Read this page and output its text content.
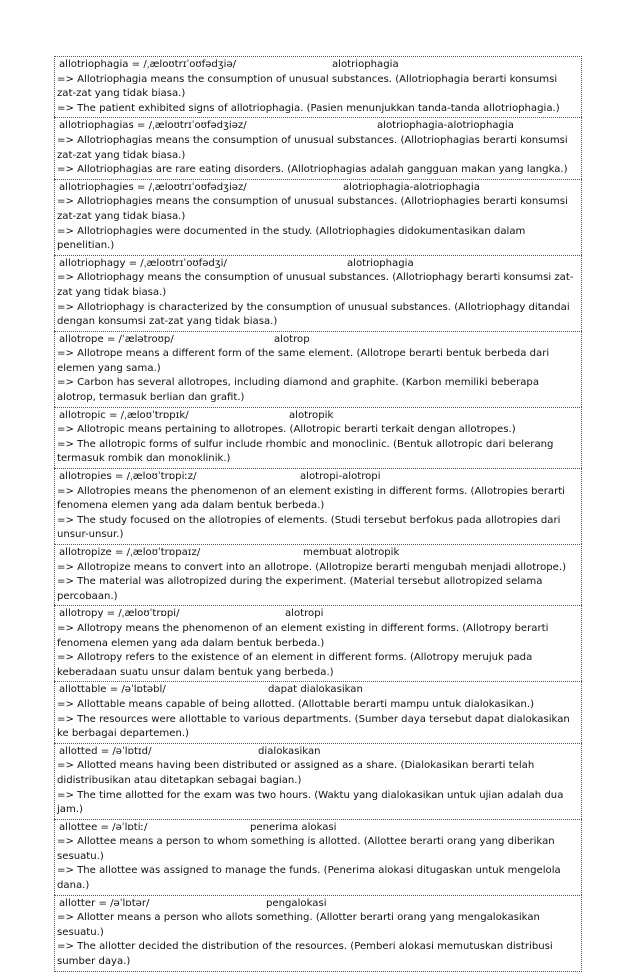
allotriophagia = /ˌæloʊtrɪˈoʊfədʒiə/	alotriophagia
=> Allotriophagia means the consumption of unusual substances. (Allotriophagia berarti konsumsi zat-zat yang tidak biasa.)
=> The patient exhibited signs of allotriophagia. (Pasien menunjukkan tanda-tanda allotriophagia.)
allotriophagias = /ˌæloʊtrɪˈoʊfədʒiəz/	alotriophagia-alotriophagia
=> Allotriophagias means the consumption of unusual substances. (Allotriophagias berarti konsumsi zat-zat yang tidak biasa.)
=> Allotriophagias are rare eating disorders. (Allotriophagias adalah gangguan makan yang langka.)
allotriophagies = /ˌæloʊtrɪˈoʊfədʒiəz/	alotriophagia-alotriophagia
=> Allotriophagies means the consumption of unusual substances. (Allotriophagies berarti konsumsi zat-zat yang tidak biasa.)
=> Allotriophagies were documented in the study. (Allotriophagies didokumentasikan dalam penelitian.)
allotriophagy = /ˌæloʊtrɪˈoʊfədʒi/	alotriophagia
=> Allotriophagy means the consumption of unusual substances. (Allotriophagy berarti konsumsi zat-zat yang tidak biasa.)
=> Allotriophagy is characterized by the consumption of unusual substances. (Allotriophagy ditandai dengan konsumsi zat-zat yang tidak biasa.)
allotrope = /ˈælətroʊp/	alotrop
=> Allotrope means a different form of the same element. (Allotrope berarti bentuk berbeda dari elemen yang sama.)
=> Carbon has several allotropes, including diamond and graphite. (Karbon memiliki beberapa alotrop, termasuk berlian dan grafit.)
allotropic = /ˌæloʊˈtrɒpɪk/	alotropik
=> Allotropic means pertaining to allotropes. (Allotropic berarti terkait dengan allotropes.)
=> The allotropic forms of sulfur include rhombic and monoclinic. (Bentuk allotropic dari belerang termasuk rombik dan monoklinik.)
allotropies = /ˌæloʊˈtrɒpiːz/	alotropi-alotropi
=> Allotropies means the phenomenon of an element existing in different forms. (Allotropies berarti fenomena elemen yang ada dalam bentuk berbeda.)
=> The study focused on the allotropies of elements. (Studi tersebut berfokus pada allotropies dari unsur-unsur.)
allotropize = /ˌæloʊˈtrɒpaɪz/	membuat alotropik
=> Allotropize means to convert into an allotrope. (Allotropize berarti mengubah menjadi allotrope.)
=> The material was allotropized during the experiment. (Material tersebut allotropized selama percobaan.)
allotropy = /ˌæloʊˈtrɒpi/	alotropi
=> Allotropy means the phenomenon of an element existing in different forms. (Allotropy berarti fenomena elemen yang ada dalam bentuk berbeda.)
=> Allotropy refers to the existence of an element in different forms. (Allotropy merujuk pada keberadaan suatu unsur dalam bentuk yang berbeda.)
allottable = /əˈlɒtəbl/	dapat dialokasikan
=> Allottable means capable of being allotted. (Allottable berarti mampu untuk dialokasikan.)
=> The resources were allottable to various departments. (Sumber daya tersebut dapat dialokasikan ke berbagai departemen.)
allotted = /əˈlɒtɪd/	dialokasikan
=> Allotted means having been distributed or assigned as a share. (Dialokasikan berarti telah didistribusikan atau ditetapkan sebagai bagian.)
=> The time allotted for the exam was two hours. (Waktu yang dialokasikan untuk ujian adalah dua jam.)
allottee = /əˈlɒtiː/	penerima alokasi
=> Allottee means a person to whom something is allotted. (Allottee berarti orang yang diberikan sesuatu.)
=> The allottee was assigned to manage the funds. (Penerima alokasi ditugaskan untuk mengelola dana.)
allotter = /əˈlɒtər/	pengalokasi
=> Allotter means a person who allots something. (Allotter berarti orang yang mengalokasikan sesuatu.)
=> The allotter decided the distribution of the resources. (Pemberi alokasi memutuskan distribusi sumber daya.)
